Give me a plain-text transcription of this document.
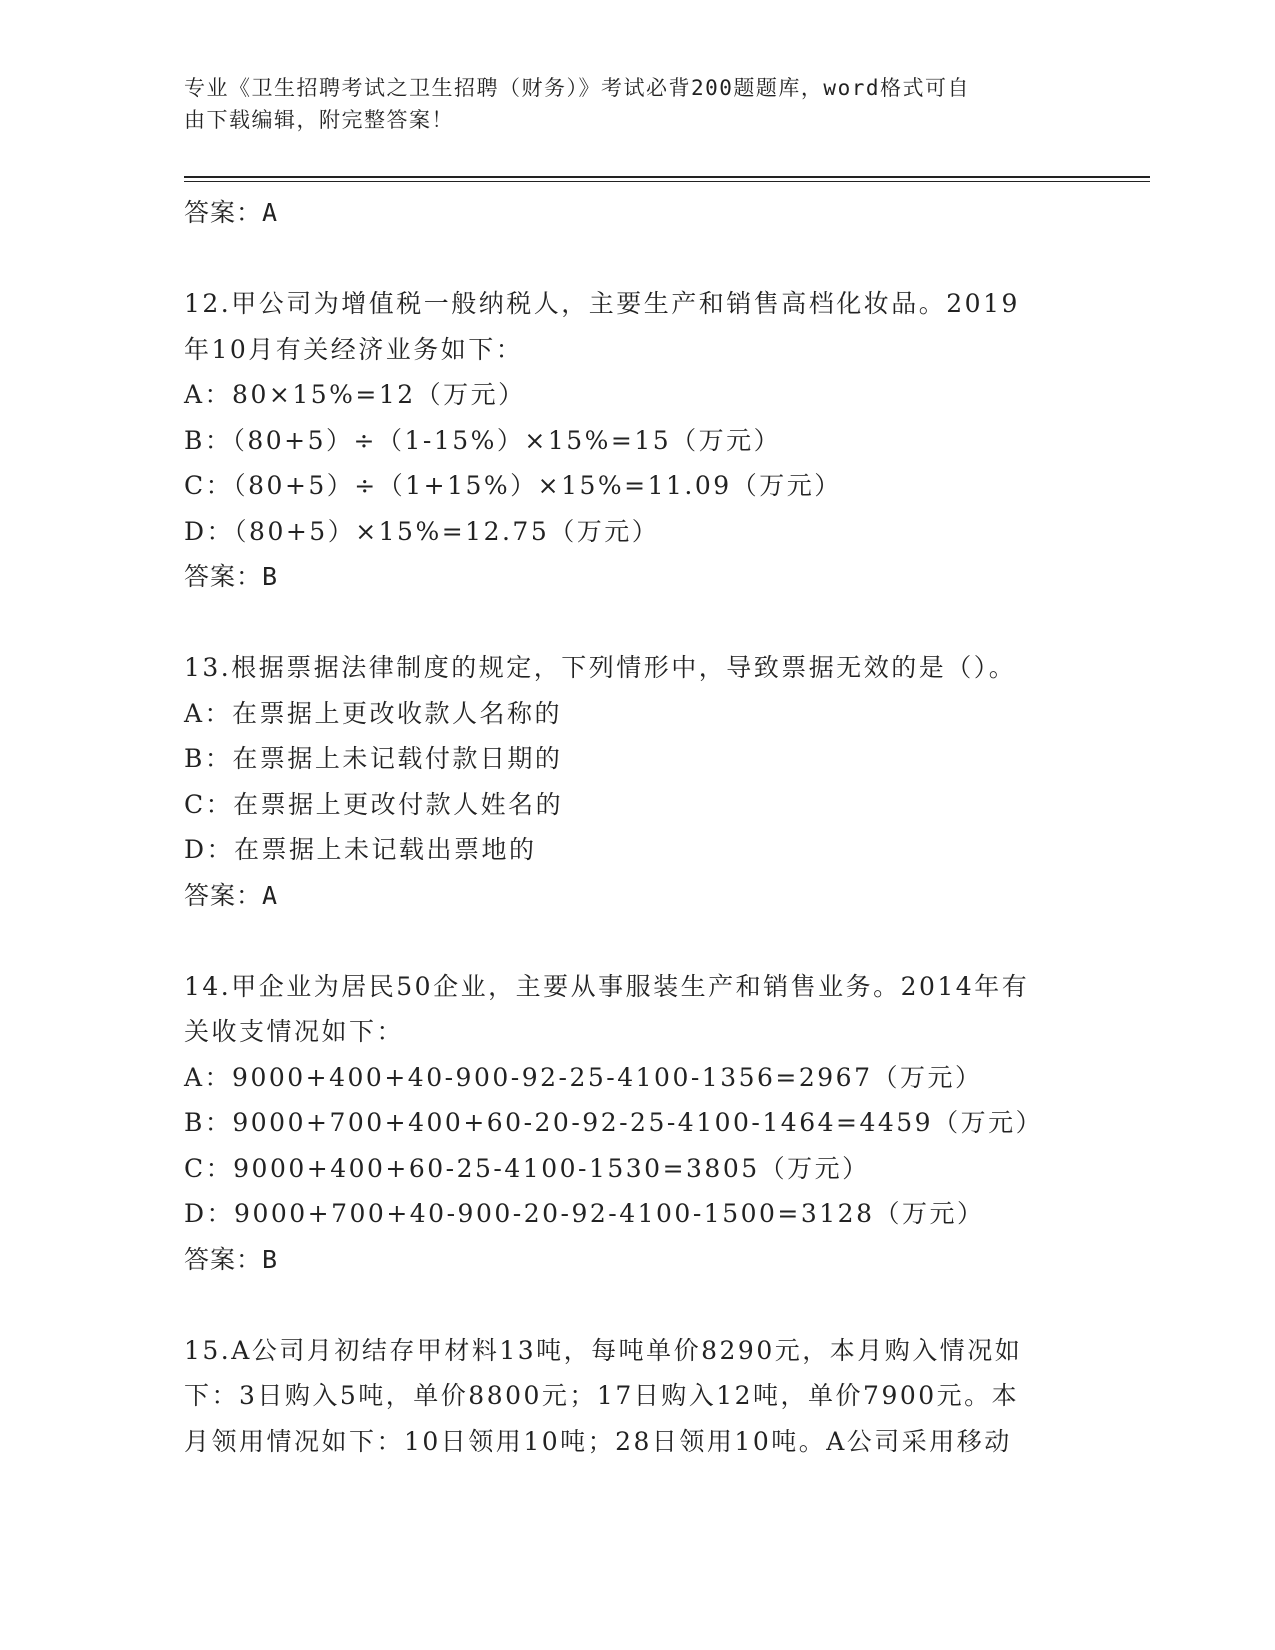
专业《卫生招聘考试之卫生招聘（财务）》考试必背200题题库，word格式可自
由下载编辑，附完整答案！
答案：A
12.甲公司为增值税一般纳税人，主要生产和销售高档化妆品。2019
年10月有关经济业务如下：
A：80×15%=12（万元）
B：（80+5）÷（1-15%）×15%=15（万元）
C：（80+5）÷（1+15%）×15%=11.09（万元）
D：（80+5）×15%=12.75（万元）
答案：B
13.根据票据法律制度的规定，下列情形中，导致票据无效的是（）。
A：在票据上更改收款人名称的
B：在票据上未记载付款日期的
C：在票据上更改付款人姓名的
D：在票据上未记载出票地的
答案：A
14.甲企业为居民50企业，主要从事服装生产和销售业务。2014年有
关收支情况如下：
A：9000+400+40-900-92-25-4100-1356=2967（万元）
B：9000+700+400+60-20-92-25-4100-1464=4459（万元）
C：9000+400+60-25-4100-1530=3805（万元）
D：9000+700+40-900-20-92-4100-1500=3128（万元）
答案：B
15.A公司月初结存甲材料13吨，每吨单价8290元，本月购入情况如
下：3日购入5吨，单价8800元；17日购入12吨，单价7900元。本
月领用情况如下：10日领用10吨；28日领用10吨。A公司采用移动
